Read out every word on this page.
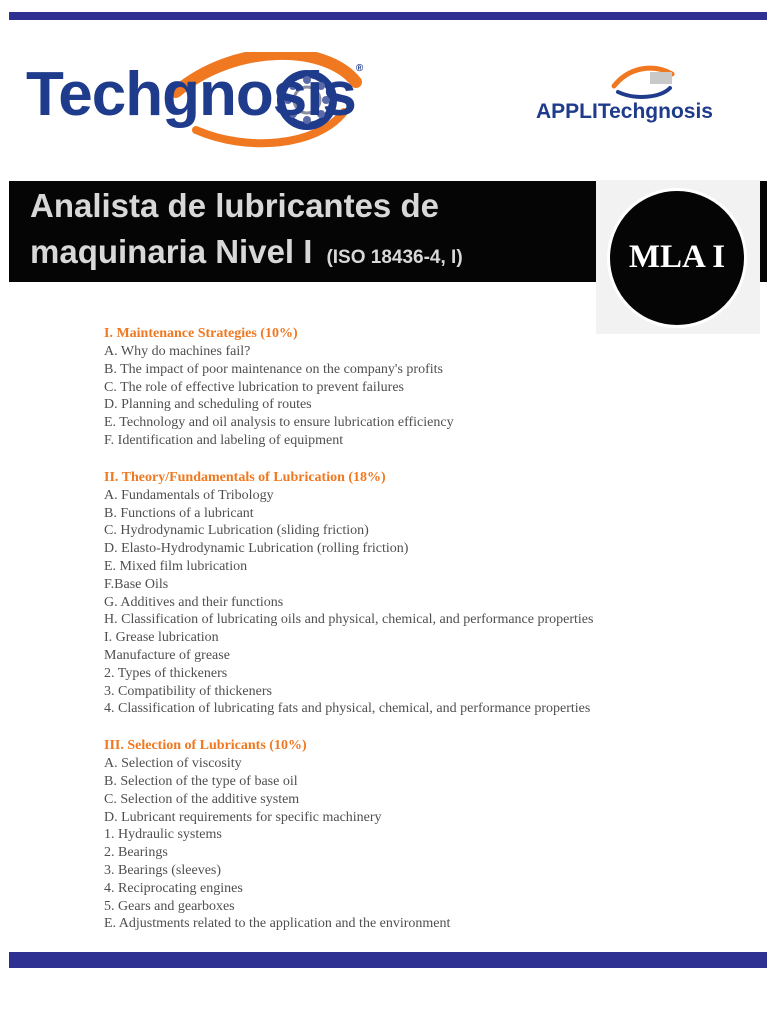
Techgnosis®
APPLITechgnosis
Analista de lubricantes de
maquinaria Nivel I (ISO 18436-4, I)	MLA I
I. Maintenance Strategies (10%)
A. Why do machines fail?
B. The impact of poor maintenance on the company's profits
C. The role of effective lubrication to prevent failures
D. Planning and scheduling of routes
E. Technology and oil analysis to ensure lubrication efficiency
F. Identification and labeling of equipment
II. Theory/Fundamentals of Lubrication (18%)
A. Fundamentals of Tribology
B. Functions of a lubricant
C. Hydrodynamic Lubrication (sliding friction)
D. Elasto-Hydrodynamic Lubrication (rolling friction)
E. Mixed film lubrication
F.Base Oils
G. Additives and their functions
H. Classification of lubricating oils and physical, chemical, and performance properties
I. Grease lubrication
Manufacture of grease
2. Types of thickeners
3. Compatibility of thickeners
4. Classification of lubricating fats and physical, chemical, and performance properties
III. Selection of Lubricants (10%)
A. Selection of viscosity
B. Selection of the type of base oil
C. Selection of the additive system
D. Lubricant requirements for specific machinery
1. Hydraulic systems
2. Bearings
3. Bearings (sleeves)
4. Reciprocating engines
5. Gears and gearboxes
E. Adjustments related to the application and the environment
